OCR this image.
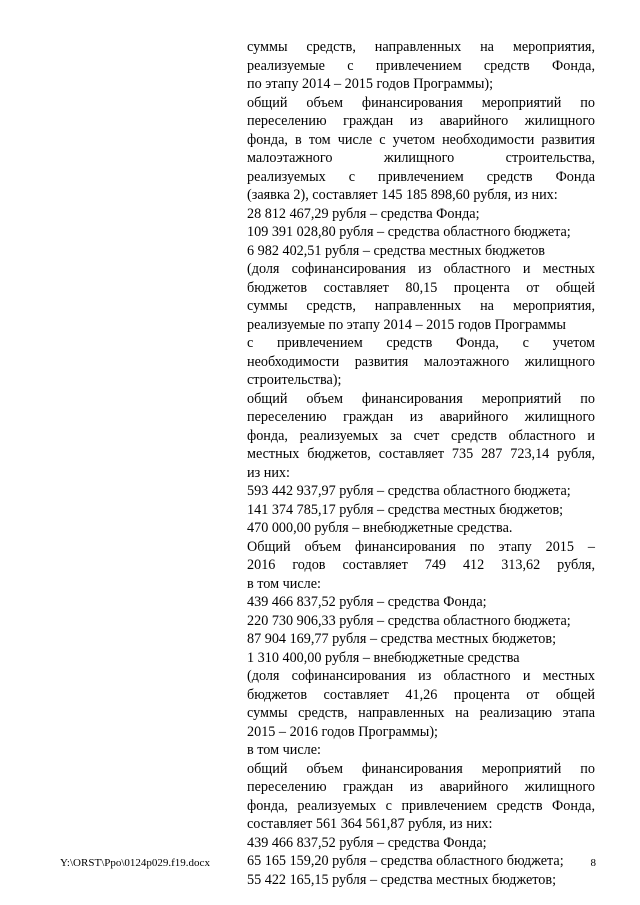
суммы средств, направленных на мероприятия,
реализуемые с привлечением средств Фонда,
по этапу 2014 – 2015 годов Программы);
общий объем финансирования мероприятий по
переселению граждан из аварийного жилищного
фонда, в том числе с учетом необходимости развития
малоэтажного жилищного строительства,
реализуемых с привлечением средств Фонда
(заявка 2), составляет 145 185 898,60 рубля, из них:
28 812 467,29 рубля – средства Фонда;
109 391 028,80 рубля – средства областного бюджета;
6 982 402,51 рубля – средства местных бюджетов
(доля софинансирования из областного и местных
бюджетов составляет 80,15 процента от общей
суммы средств, направленных на мероприятия,
реализуемые по этапу 2014 – 2015 годов Программы
с привлечением средств Фонда, с учетом
необходимости развития малоэтажного жилищного
строительства);
общий объем финансирования мероприятий по
переселению граждан из аварийного жилищного
фонда, реализуемых за счет средств областного и
местных бюджетов, составляет 735 287 723,14 рубля,
из них:
593 442 937,97 рубля – средства областного бюджета;
141 374 785,17 рубля – средства местных бюджетов;
470 000,00 рубля – внебюджетные средства.
Общий объем финансирования по этапу 2015 –
2016 годов составляет 749 412 313,62 рубля,
в том числе:
439 466 837,52 рубля – средства Фонда;
220 730 906,33 рубля – средства областного бюджета;
87 904 169,77 рубля – средства местных бюджетов;
1 310 400,00 рубля – внебюджетные средства
(доля софинансирования из областного и местных
бюджетов составляет 41,26 процента от общей
суммы средств, направленных на реализацию этапа
2015 – 2016 годов Программы);
в том числе:
общий объем финансирования мероприятий по
переселению граждан из аварийного жилищного
фонда, реализуемых с привлечением средств Фонда,
составляет 561 364 561,87 рубля, из них:
439 466 837,52 рубля – средства Фонда;
65 165 159,20 рубля – средства областного бюджета;
55 422 165,15 рубля – средства местных бюджетов;
Y:\ORST\Ppo\0124p029.f19.docx	8
